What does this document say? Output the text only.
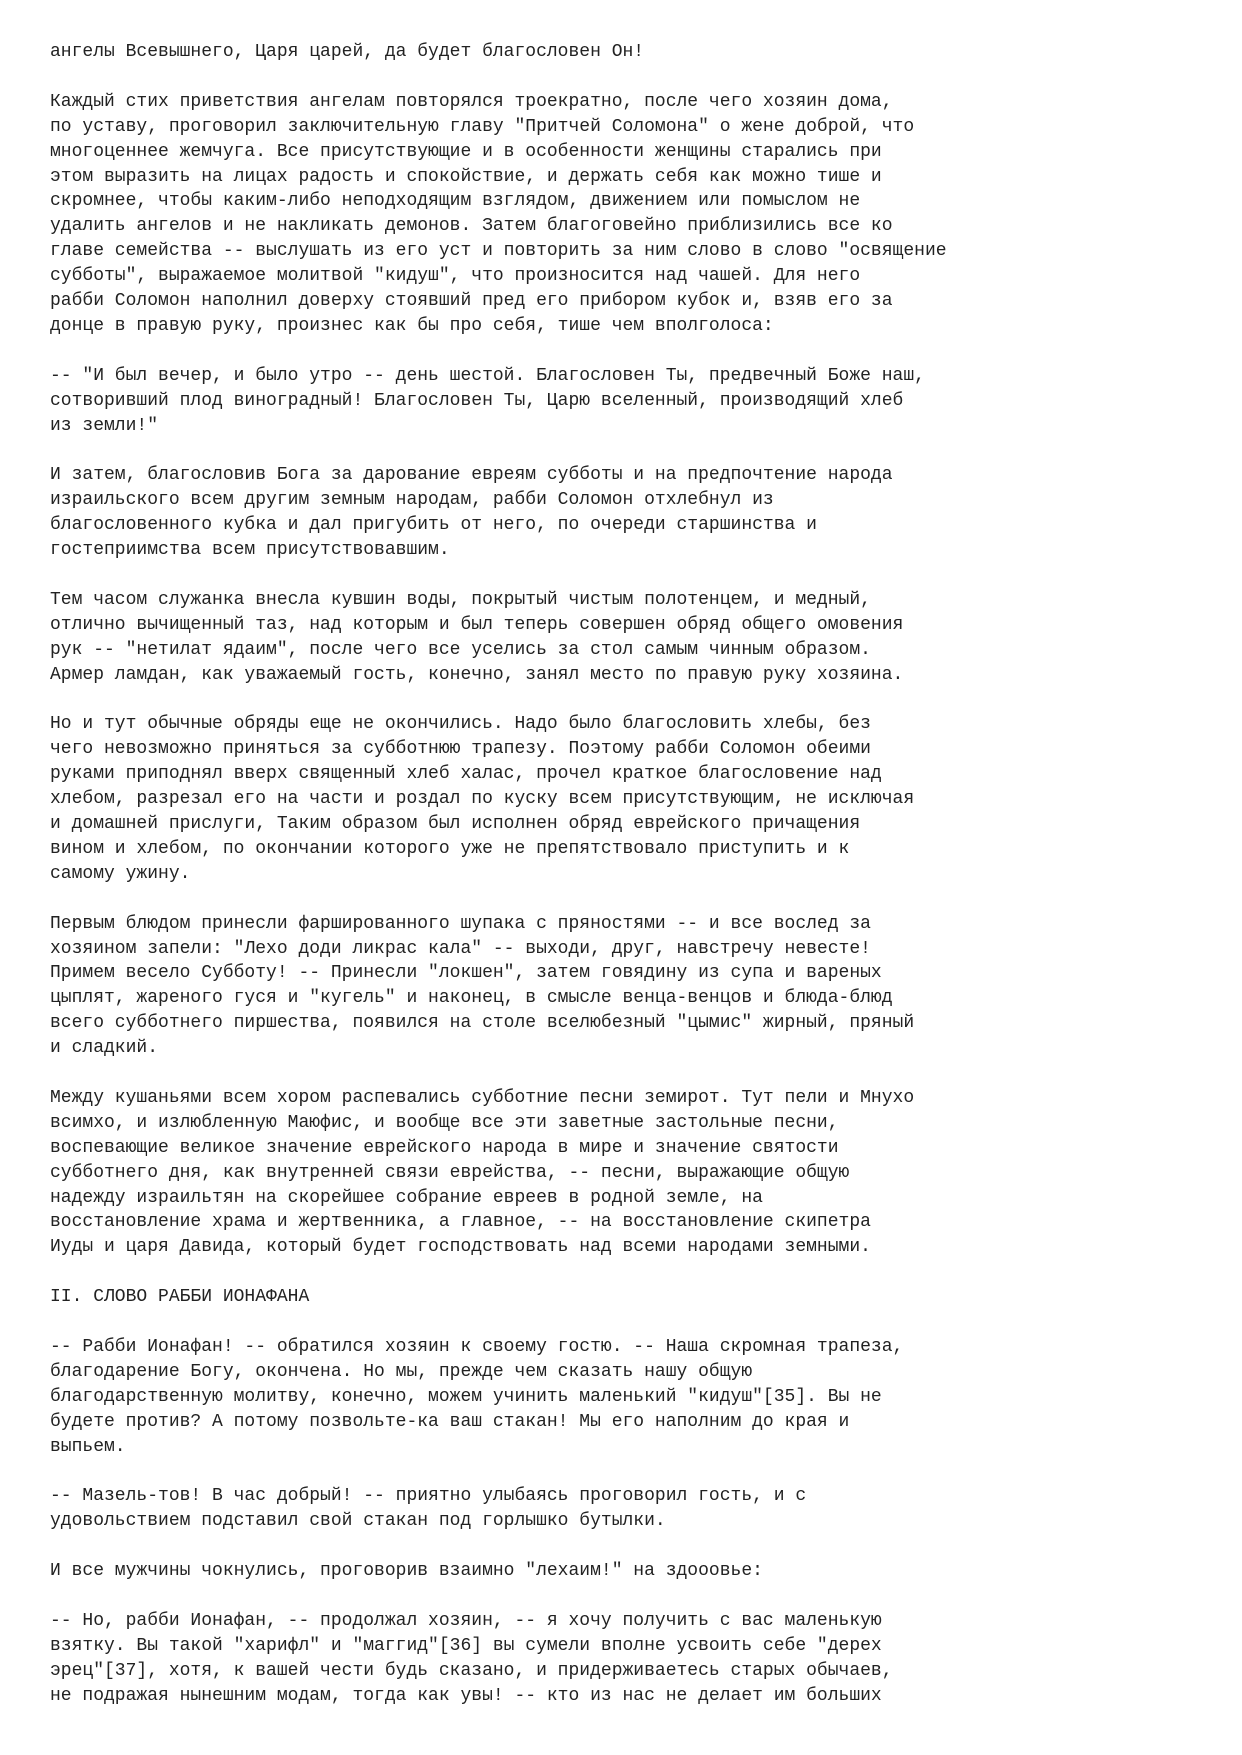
ангелы Всевышнего, Царя царей, да будет благословен Он!

Каждый стих приветствия ангелам повторялся троекратно, после чего хозяин дома,
по уставу, проговорил заключительную главу "Притчей Соломона" о жене доброй, что
многоценнее жемчуга. Все присутствующие и в особенности женщины старались при
этом выразить на лицах радость и спокойствие, и держать себя как можно тише и
скромнее, чтобы каким-либо неподходящим взглядом, движением или помыслом не
удалить ангелов и не накликать демонов. Затем благоговейно приблизились все ко
главе семейства -- выслушать из его уст и повторить за ним слово в слово "освящение
субботы", выражаемое молитвой "кидуш", что произносится над чашей. Для него
рабби Соломон наполнил доверху стоявший пред его прибором кубок и, взяв его за
донце в правую руку, произнес как бы про себя, тише чем вполголоса:

-- "И был вечер, и было утро -- день шестой. Благословен Ты, предвечный Боже наш,
сотворивший плод виноградный! Благословен Ты, Царю вселенный, производящий хлеб
из земли!"

И затем, благословив Бога за дарование евреям субботы и на предпочтение народа
израильского всем другим земным народам, рабби Соломон отхлебнул из
благословенного кубка и дал пригубить от него, по очереди старшинства и
гостеприимства всем присутствовавшим.

Тем часом служанка внесла кувшин воды, покрытый чистым полотенцем, и медный,
отлично вычищенный таз, над которым и был теперь совершен обряд общего омовения
рук -- "нетилат ядаим", после чего все уселись за стол самым чинным образом.
Армер ламдан, как уважаемый гость, конечно, занял место по правую руку хозяина.

Но и тут обычные обряды еще не окончились. Надо было благословить хлебы, без
чего невозможно приняться за субботнюю трапезу. Поэтому рабби Соломон обеими
руками приподнял вверх священный хлеб халас, прочел краткое благословение над
хлебом, разрезал его на части и роздал по куску всем присутствующим, не исключая
и домашней прислуги, Таким образом был исполнен обряд еврейского причащения
вином и хлебом, по окончании которого уже не препятствовало приступить и к
самому ужину.

Первым блюдом принесли фаршированного шупака с пряностями -- и все вослед за
хозяином запели: "Лехо доди ликрас кала" -- выходи, друг, навстречу невесте!
Примем весело Субботу! -- Принесли "локшен", затем говядину из супа и вареных
цыплят, жареного гуся и "кугель" и наконец, в смысле венца-венцов и блюда-блюд
всего субботнего пиршества, появился на столе вселюбезный "цымис" жирный, пряный
и сладкий.

Между кушаньями всем хором распевались субботние песни земирот. Тут пели и Мнухо
всимхо, и излюбленную Маюфис, и вообще все эти заветные застольные песни,
воспевающие великое значение еврейского народа в мире и значение святости
субботнего дня, как внутренней связи еврейства, -- песни, выражающие общую
надежду израильтян на скорейшее собрание евреев в родной земле, на
восстановление храма и жертвенника, а главное, -- на восстановление скипетра
Иуды и царя Давида, который будет господствовать над всеми народами земными.

II. СЛОВО РАББИ ИОНАФАНА

-- Рабби Ионафан! -- обратился хозяин к своему гостю. -- Наша скромная трапеза,
благодарение Богу, окончена. Но мы, прежде чем сказать нашу общую
благодарственную молитву, конечно, можем учинить маленький "кидуш"[35]. Вы не
будете против? А потому позвольте-ка ваш стакан! Мы его наполним до края и
выпьем.

-- Мазель-тов! В час добрый! -- приятно улыбаясь проговорил гость, и с
удовольствием подставил свой стакан под горлышко бутылки.

И все мужчины чокнулись, проговорив взаимно "лехаим!" на здооовье:

-- Но, рабби Ионафан, -- продолжал хозяин, -- я хочу получить с вас маленькую
взятку. Вы такой "харифл" и "маггид"[36] вы сумели вполне усвоить себе "дерех
эрец"[37], хотя, к вашей чести будь сказано, и придерживаетесь старых обычаев,
не подражая нынешним модам, тогда как увы! -- кто из нас не делает им больших
